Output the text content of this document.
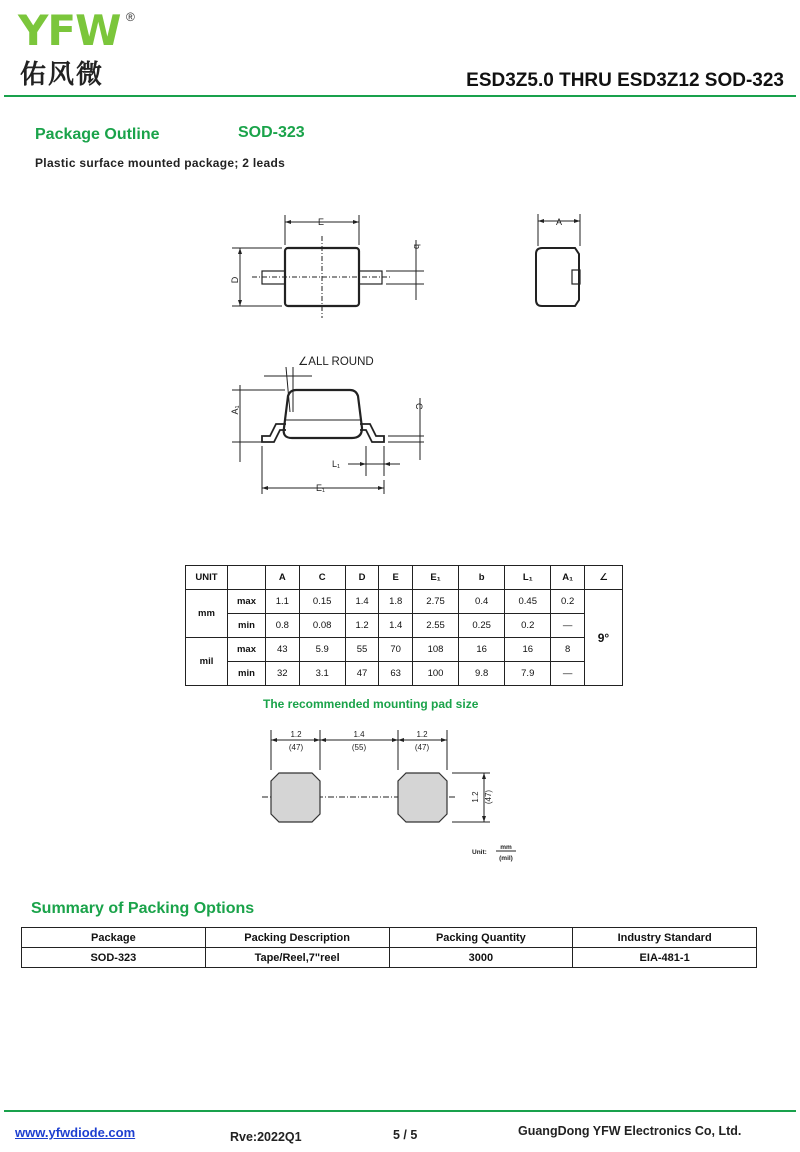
YFW ®
佑风微	ESD3Z5.0 THRU ESD3Z12 SOD-323
Package Outline	SOD-323
Plastic surface mounted package; 2 leads
E
D
b
A
∠ALL ROUND
A₁	C
L₁
E₁
UNIT		A	C	D	E	E₁	b	L₁	A₁	∠
mm	max	1.1	0.15	1.4	1.8	2.75	0.4	0.45	0.2	9°
	min	0.8	0.08	1.2	1.4	2.55	0.25	0.2	—	
mil	max	43	5.9	55	70	108	16	16	8	
	min	32	3.1	47	63	100	9.8	7.9	—	
The recommended mounting pad size
1.2
(47)
1.4
(55)
1.2
(47)
1.2 (47)
Unit:
mm
(mil)
Summary of Packing Options
Package	Packing Description	Packing Quantity	Industry Standard
SOD-323	Tape/Reel,7"reel	3000	EIA-481-1
www.yfwdiode.com	Rve:2022Q1	5 / 5	GuangDong YFW Electronics Co, Ltd.
